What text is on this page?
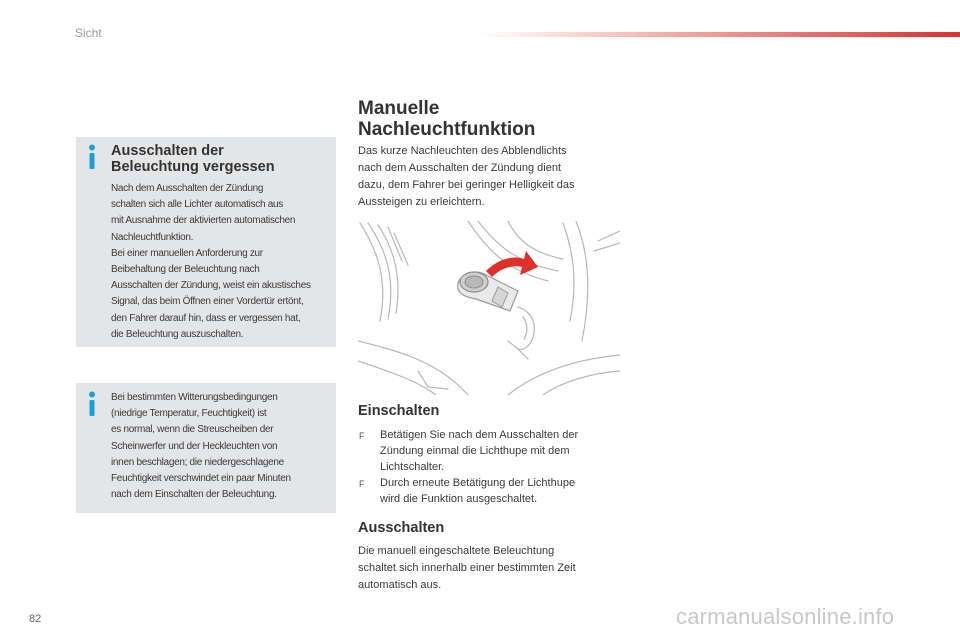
Sicht
Ausschalten der
Beleuchtung vergessen

Nach dem Ausschalten der Zündung
schalten sich alle Lichter automatisch aus
mit Ausnahme der aktivierten automatischen
Nachleuchtfunktion.
Bei einer manuellen Anforderung zur
Beibehaltung der Beleuchtung nach
Ausschalten der Zündung, weist ein akustisches
Signal, das beim Öffnen einer Vordertür ertönt,
den Fahrer darauf hin, dass er vergessen hat,
die Beleuchtung auszuschalten.

Bei bestimmten Witterungsbedingungen
(niedrige Temperatur, Feuchtigkeit) ist
es normal, wenn die Streuscheiben der
Scheinwerfer und der Heckleuchten von
innen beschlagen; die niedergeschlagene
Feuchtigkeit verschwindet ein paar Minuten
nach dem Einschalten der Beleuchtung.

Manuelle
Nachleuchtfunktion

Das kurze Nachleuchten des Abblendlichts
nach dem Ausschalten der Zündung dient
dazu, dem Fahrer bei geringer Helligkeit das
Aussteigen zu erleichtern.

Einschalten
F Betätigen Sie nach dem Ausschalten der
Zündung einmal die Lichthupe mit dem
Lichtschalter.
F Durch erneute Betätigung der Lichthupe
wird die Funktion ausgeschaltet.
Ausschalten

Die manuell eingeschaltete Beleuchtung
schaltet sich innerhalb einer bestimmten Zeit
automatisch aus.

82	carmanualsonline.info
